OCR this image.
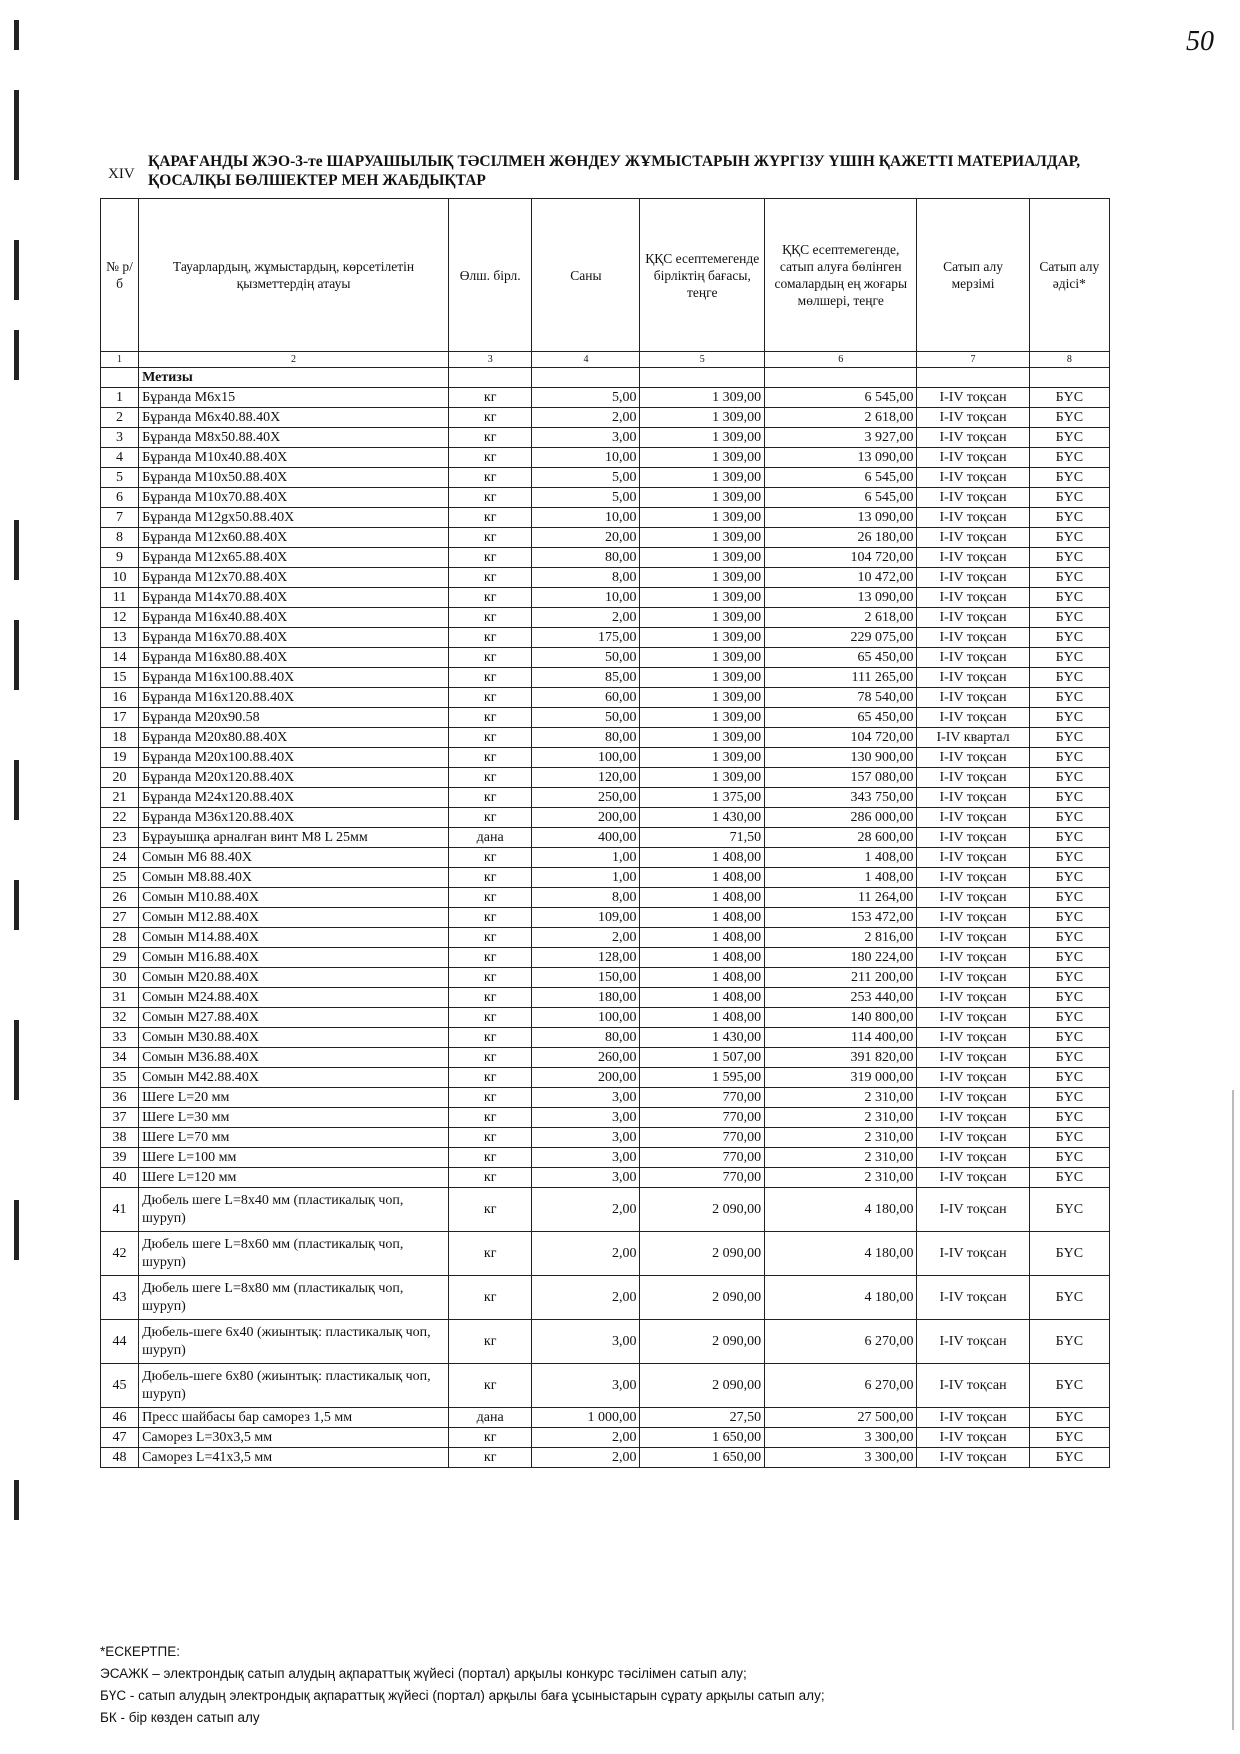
50
XIV
ҚАРАҒАНДЫ ЖЭО-3-те ШАРУАШЫЛЫҚ ТӘСІЛМЕН ЖӨНДЕУ ЖҰМЫСТАРЫН ЖҮРГІЗУ ҮШІН ҚАЖЕТТІ МАТЕРИАЛДАР, ҚОСАЛҚЫ БӨЛШЕКТЕР МЕН ЖАБДЫҚТАР
№ р/б	Тауарлардың, жұмыстардың, көрсетілетін қызметтердің атауы	Өлш. бірл.	Саны	ҚҚС есептемегенде бірліктің бағасы, теңге	ҚҚС есептемегенде, сатып алуға бөлінген сомалардың ең жоғары мөлшері, теңге	Сатып алу мерзімі	Сатып алу әдісі*
1	2	3	4	5	6	7	8
	Метизы						
1	Бұранда М6х15	кг	5,00	1 309,00	6 545,00	I-IV тоқсан	БҮС
2	Бұранда М6х40.88.40Х	кг	2,00	1 309,00	2 618,00	I-IV тоқсан	БҮС
3	Бұранда М8х50.88.40Х	кг	3,00	1 309,00	3 927,00	I-IV тоқсан	БҮС
4	Бұранда М10х40.88.40Х	кг	10,00	1 309,00	13 090,00	I-IV тоқсан	БҮС
5	Бұранда М10х50.88.40Х	кг	5,00	1 309,00	6 545,00	I-IV тоқсан	БҮС
6	Бұранда М10х70.88.40Х	кг	5,00	1 309,00	6 545,00	I-IV тоқсан	БҮС
7	Бұранда М12gх50.88.40Х	кг	10,00	1 309,00	13 090,00	I-IV тоқсан	БҮС
8	Бұранда М12х60.88.40Х	кг	20,00	1 309,00	26 180,00	I-IV тоқсан	БҮС
9	Бұранда М12х65.88.40Х	кг	80,00	1 309,00	104 720,00	I-IV тоқсан	БҮС
10	Бұранда М12х70.88.40Х	кг	8,00	1 309,00	10 472,00	I-IV тоқсан	БҮС
11	Бұранда М14х70.88.40Х	кг	10,00	1 309,00	13 090,00	I-IV тоқсан	БҮС
12	Бұранда М16х40.88.40Х	кг	2,00	1 309,00	2 618,00	I-IV тоқсан	БҮС
13	Бұранда М16х70.88.40Х	кг	175,00	1 309,00	229 075,00	I-IV тоқсан	БҮС
14	Бұранда М16х80.88.40Х	кг	50,00	1 309,00	65 450,00	I-IV тоқсан	БҮС
15	Бұранда М16х100.88.40Х	кг	85,00	1 309,00	111 265,00	I-IV тоқсан	БҮС
16	Бұранда М16х120.88.40Х	кг	60,00	1 309,00	78 540,00	I-IV тоқсан	БҮС
17	Бұранда М20х90.58	кг	50,00	1 309,00	65 450,00	I-IV тоқсан	БҮС
18	Бұранда М20х80.88.40Х	кг	80,00	1 309,00	104 720,00	I-IV квартал	БҮС
19	Бұранда М20х100.88.40Х	кг	100,00	1 309,00	130 900,00	I-IV тоқсан	БҮС
20	Бұранда М20х120.88.40Х	кг	120,00	1 309,00	157 080,00	I-IV тоқсан	БҮС
21	Бұранда М24х120.88.40Х	кг	250,00	1 375,00	343 750,00	I-IV тоқсан	БҮС
22	Бұранда М36х120.88.40Х	кг	200,00	1 430,00	286 000,00	I-IV тоқсан	БҮС
23	Бұрауышқа арналған винт М8 L 25мм	дана	400,00	71,50	28 600,00	I-IV тоқсан	БҮС
24	Сомын М6 88.40Х	кг	1,00	1 408,00	1 408,00	I-IV тоқсан	БҮС
25	Сомын М8.88.40Х	кг	1,00	1 408,00	1 408,00	I-IV тоқсан	БҮС
26	Сомын М10.88.40Х	кг	8,00	1 408,00	11 264,00	I-IV тоқсан	БҮС
27	Сомын М12.88.40Х	кг	109,00	1 408,00	153 472,00	I-IV тоқсан	БҮС
28	Сомын М14.88.40Х	кг	2,00	1 408,00	2 816,00	I-IV тоқсан	БҮС
29	Сомын М16.88.40Х	кг	128,00	1 408,00	180 224,00	I-IV тоқсан	БҮС
30	Сомын М20.88.40Х	кг	150,00	1 408,00	211 200,00	I-IV тоқсан	БҮС
31	Сомын М24.88.40Х	кг	180,00	1 408,00	253 440,00	I-IV тоқсан	БҮС
32	Сомын М27.88.40Х	кг	100,00	1 408,00	140 800,00	I-IV тоқсан	БҮС
33	Сомын М30.88.40Х	кг	80,00	1 430,00	114 400,00	I-IV тоқсан	БҮС
34	Сомын М36.88.40Х	кг	260,00	1 507,00	391 820,00	I-IV тоқсан	БҮС
35	Сомын М42.88.40Х	кг	200,00	1 595,00	319 000,00	I-IV тоқсан	БҮС
36	Шеге L=20 мм	кг	3,00	770,00	2 310,00	I-IV тоқсан	БҮС
37	Шеге L=30 мм	кг	3,00	770,00	2 310,00	I-IV тоқсан	БҮС
38	Шеге L=70 мм	кг	3,00	770,00	2 310,00	I-IV тоқсан	БҮС
39	Шеге L=100 мм	кг	3,00	770,00	2 310,00	I-IV тоқсан	БҮС
40	Шеге L=120 мм	кг	3,00	770,00	2 310,00	I-IV тоқсан	БҮС
41	Дюбель шеге L=8х40 мм (пластикалық чоп, шуруп)	кг	2,00	2 090,00	4 180,00	I-IV тоқсан	БҮС
42	Дюбель шеге L=8х60 мм (пластикалық чоп, шуруп)	кг	2,00	2 090,00	4 180,00	I-IV тоқсан	БҮС
43	Дюбель шеге L=8х80 мм (пластикалық чоп, шуруп)	кг	2,00	2 090,00	4 180,00	I-IV тоқсан	БҮС
44	Дюбель-шеге 6х40 (жиынтық: пластикалық чоп, шуруп)	кг	3,00	2 090,00	6 270,00	I-IV тоқсан	БҮС
45	Дюбель-шеге 6х80 (жиынтық: пластикалық чоп, шуруп)	кг	3,00	2 090,00	6 270,00	I-IV тоқсан	БҮС
46	Пресс шайбасы бар саморез 1,5 мм	дана	1 000,00	27,50	27 500,00	I-IV тоқсан	БҮС
47	Саморез L=30х3,5 мм	кг	2,00	1 650,00	3 300,00	I-IV тоқсан	БҮС
48	Саморез L=41х3,5 мм	кг	2,00	1 650,00	3 300,00	I-IV тоқсан	БҮС
*ЕСКЕРТПЕ:
ЭСАЖК – электрондық сатып алудың ақпараттық жүйесі (портал) арқылы конкурс тәсілімен сатып алу;
БҮС - сатып алудың электрондық ақпараттық жүйесі (портал) арқылы баға ұсыныстарын сұрату арқылы сатып алу;
БК - бір көзден сатып алу
